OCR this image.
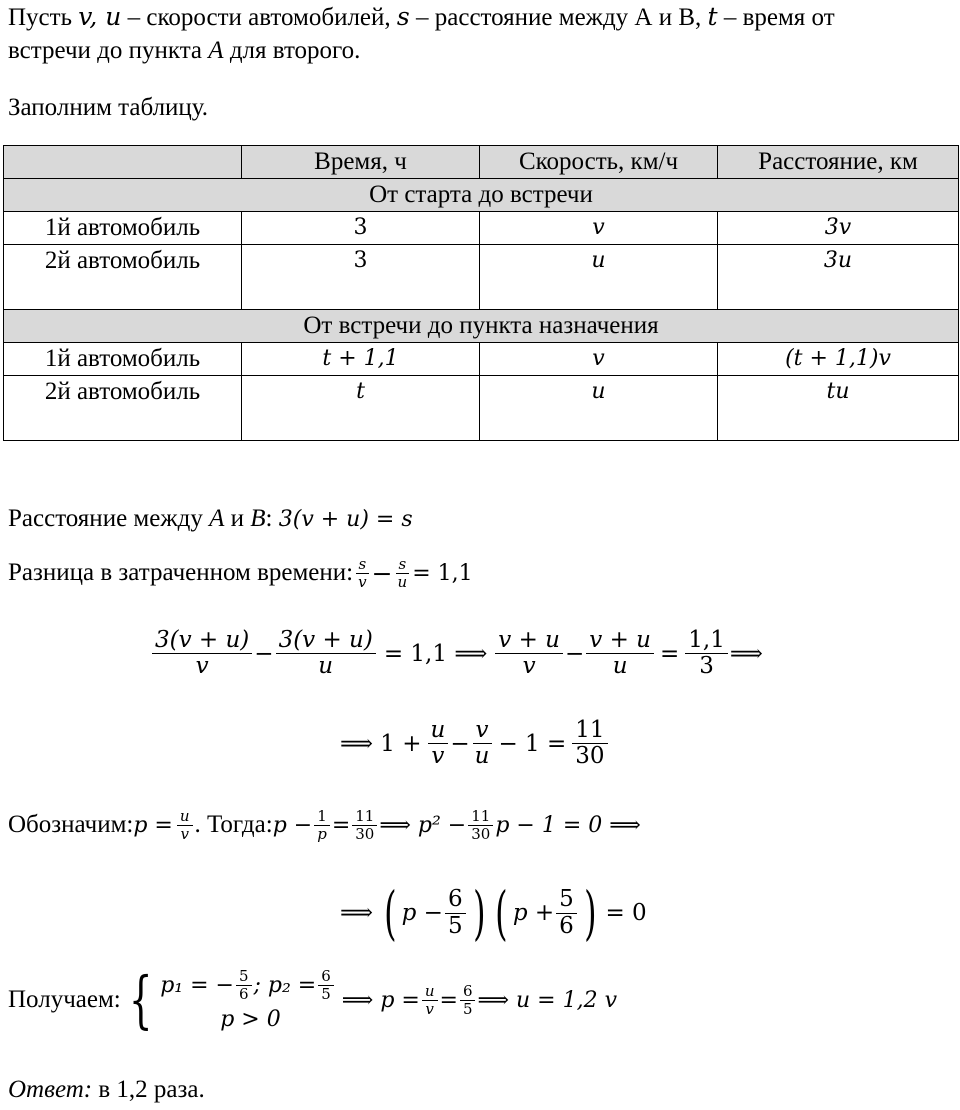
Пусть v, u – скорости автомобилей, s – расстояние между А и В, t – время от
встречи до пункта A для второго.
Заполним таблицу.
	Время, ч	Скорость, км/ч	Расстояние, км
От старта до встречи			
1й автомобиль	3	v	3v
2й автомобиль	3	u	3u
От встречи до пункта назначения			
1й автомобиль	t + 1,1	v	(t + 1,1)v
2й автомобиль	t	u	tu
Расстояние между A и B: 3(v + u) = s
Разница в затраченном времени: $\frac{s}{v} - \frac{s}{u} = 1,1$
$\frac{3(v + u)}{v} - \frac{3(v + u)}{u} = 1,1$ ⟹ $\frac{v + u}{v} - \frac{v + u}{u} = \frac{1,1}{3}$ ⟹
⟹ $1 + \frac{u}{v} - \frac{v}{u} - 1 = \frac{11}{30}$
Обозначим: $p = \frac{u}{v}$ . Тогда: $p - \frac{1}{p} = \frac{11}{30}$ ⟹ $p^2 - \frac{11}{30}$ p − 1 = 0 ⟹
⟹ ( $p - \frac{6}{5}$ ) ( $p + \frac{5}{6}$ ) = 0
Получаем: { p₁ = − $\frac{5}{6}$ ; $p_2 = \frac{6}{5}$
p > 0
⟹ $p = \frac{u}{v} = \frac{6}{5}$ ⟹ u = 1,2 v
Ответ: в 1,2 раза.
